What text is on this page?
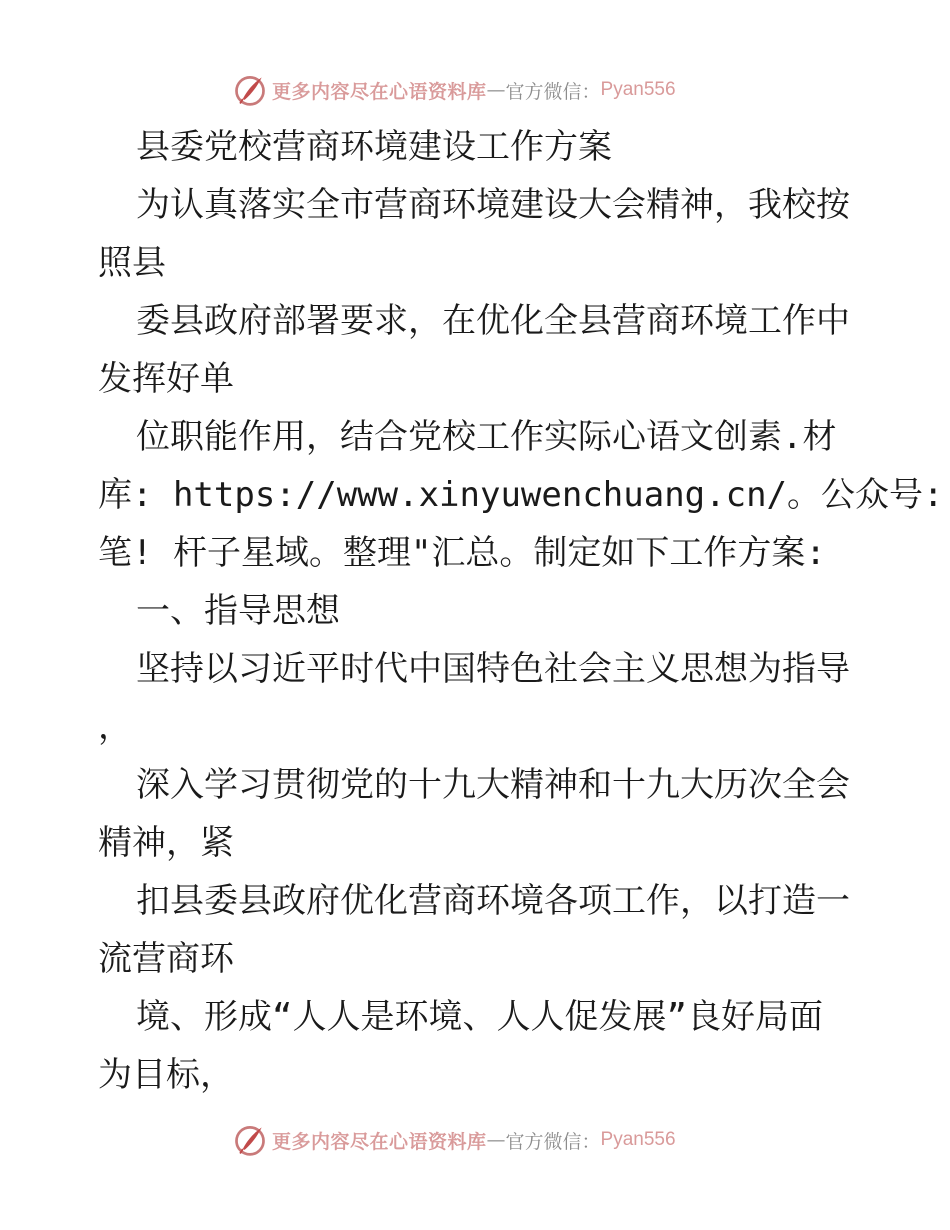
更多内容尽在心语资料库 — 官方微信： Pyan556
县委党校营商环境建设工作方案
为认真落实全市营商环境建设大会精神，我校按
照县
委县政府部署要求，在优化全县营商环境工作中
发挥好单
位职能作用，结合党校工作实际心语文创素.材
库: https://www.xinyuwenchuang.cn/。公众号:
笔! 杆子星域。整理"汇总。制定如下工作方案:
一、指导思想
坚持以习近平时代中国特色社会主义思想为指导
，
深入学习贯彻党的十九大精神和十九大历次全会
精神，紧
扣县委县政府优化营商环境各项工作，以打造一
流营商环
境、形成“人人是环境、人人促发展”良好局面
为目标，
更多内容尽在心语资料库 — 官方微信： Pyan556
